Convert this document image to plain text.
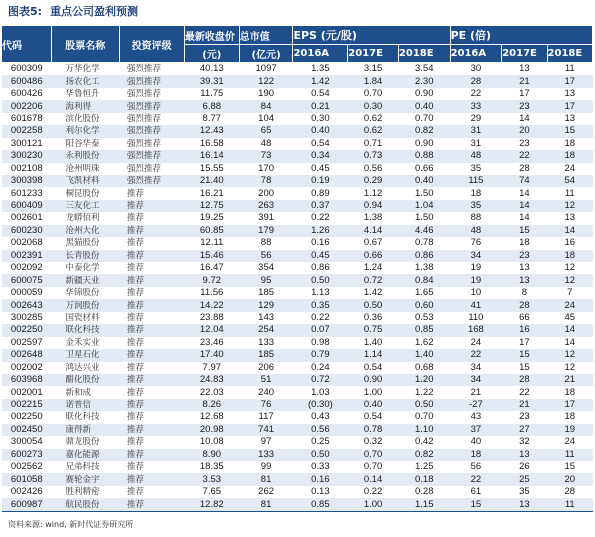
图表5: 重点公司盈利预测
代码	股票名称	投资评级	最新收盘价	总市值	EPS (元/股)			PE (倍)		
			(元)	(亿元)					
					2016A	2017E	2018E	2016A	2017E	2018E
600309	万华化学	强烈推荐	40.13	1097	1.35	3.15	3.54	30	13	11
600486	扬农化工	强烈推荐	39.31	122	1.42	1.84	2.30	28	21	17
600426	华鲁恒升	强烈推荐	11.75	190	0.54	0.70	0.90	22	17	13
002206	海利得	强烈推荐	6.88	84	0.21	0.30	0.40	33	23	17
601678	滨化股份	强烈推荐	8.77	104	0.30	0.62	0.70	29	14	13
002258	利尔化学	强烈推荐	12.43	65	0.40	0.62	0.82	31	20	15
300121	阳谷华泰	强烈推荐	16.58	48	0.54	0.71	0.90	31	23	18
300230	永利股份	强烈推荐	16.14	73	0.34	0.73	0.88	48	22	18
002108	沧州明珠	强烈推荐	15.55	170	0.45	0.56	0.66	35	28	24
300398	飞凯材料	强烈推荐	21.40	78	0.19	0.29	0.40	115	74	54
601233	桐昆股份	推荐	16.21	200	0.89	1.12	1.50	18	14	11
600409	三友化工	推荐	12.75	263	0.37	0.94	1.04	35	14	12
002601	龙蟒佰利	推荐	19.25	391	0.22	1.38	1.50	88	14	13
600230	沧州大化	推荐	60.85	179	1.26	4.14	4.46	48	15	14
002068	黑猫股份	推荐	12.11	88	0.16	0.67	0.78	76	18	16
002391	长青股份	推荐	15.46	56	0.45	0.66	0.86	34	23	18
002092	中泰化学	推荐	16.47	354	0.86	1.24	1.38	19	13	12
600075	新疆天业	推荐	9.72	95	0.50	0.72	0.84	19	13	12
000059	华锦股份	推荐	11.56	185	1.13	1.42	1.65	10	8	7
002643	万润股份	推荐	14.22	129	0.35	0.50	0.60	41	28	24
300285	国瓷材料	推荐	23.88	143	0.22	0.36	0.53	110	66	45
002250	联化科技	推荐	12.04	254	0.07	0.75	0.85	168	16	14
002597	金禾实业	推荐	23.46	133	0.98	1.40	1.62	24	17	14
002648	卫星石化	推荐	17.40	185	0.79	1.14	1.40	22	15	12
002002	鸿达兴业	推荐	7.97	206	0.24	0.54	0.68	34	15	12
603968	醋化股份	推荐	24.83	51	0.72	0.90	1.20	34	28	21
002001	新和成	推荐	22.03	240	1.03	1.00	1.22	21	22	18
002215	诺普信	推荐	8.26	76	(0.30)	0.40	0.50	-27	21	17
002250	联化科技	推荐	12.68	117	0.43	0.54	0.70	43	23	18
002450	康得新	推荐	20.98	741	0.56	0.78	1.10	37	27	19
300054	鼎龙股份	推荐	10.08	97	0.25	0.32	0.42	40	32	24
600273	嘉化能源	推荐	8.90	133	0.50	0.70	0.82	18	13	11
002562	兄弟科技	推荐	18.35	99	0.33	0.70	1.25	56	26	15
601058	赛轮金宇	推荐	3.53	81	0.16	0.14	0.18	22	25	20
002426	胜利精密	推荐	7.65	262	0.13	0.22	0.28	61	35	28
600987	航民股份	推荐	12.82	81	0.85	1.00	1.15	15	13	11
资料来源: wind, 新时代证券研究所
